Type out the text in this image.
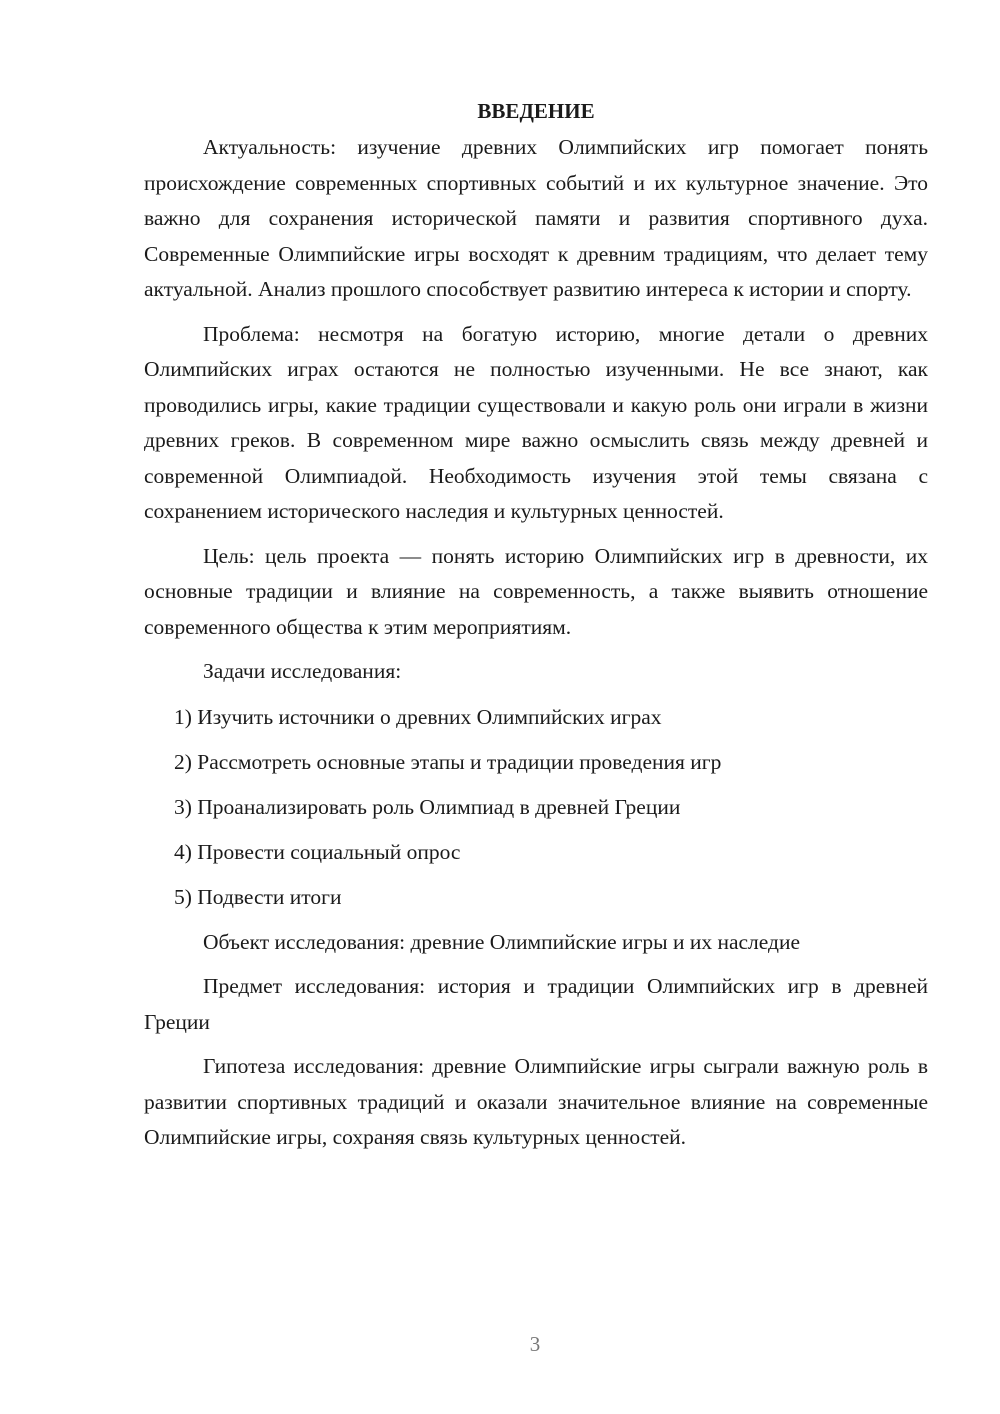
ВВЕДЕНИЕ

Актуальность: изучение древних Олимпийских игр помогает понять происхождение современных спортивных событий и их культурное значение. Это важно для сохранения исторической памяти и развития спортивного духа. Современные Олимпийские игры восходят к древним традициям, что делает тему актуальной. Анализ прошлого способствует развитию интереса к истории и спорту.

Проблема: несмотря на богатую историю, многие детали о древних Олимпийских играх остаются не полностью изученными. Не все знают, как проводились игры, какие традиции существовали и какую роль они играли в жизни древних греков. В современном мире важно осмыслить связь между древней и современной Олимпиадой. Необходимость изучения этой темы связана с сохранением исторического наследия и культурных ценностей.

Цель: цель проекта — понять историю Олимпийских игр в древности, их основные традиции и влияние на современность, а также выявить отношение современного общества к этим мероприятиям.

Задачи исследования:

1) Изучить источники о древних Олимпийских играх
2) Рассмотреть основные этапы и традиции проведения игр
3) Проанализировать роль Олимпиад в древней Греции
4) Провести социальный опрос
5) Подвести итоги

Объект исследования: древние Олимпийские игры и их наследие

Предмет исследования: история и традиции Олимпийских игр в древней Греции

Гипотеза исследования: древние Олимпийские игры сыграли важную роль в развитии спортивных традиций и оказали значительное влияние на современные Олимпийские игры, сохраняя связь культурных ценностей.

3
